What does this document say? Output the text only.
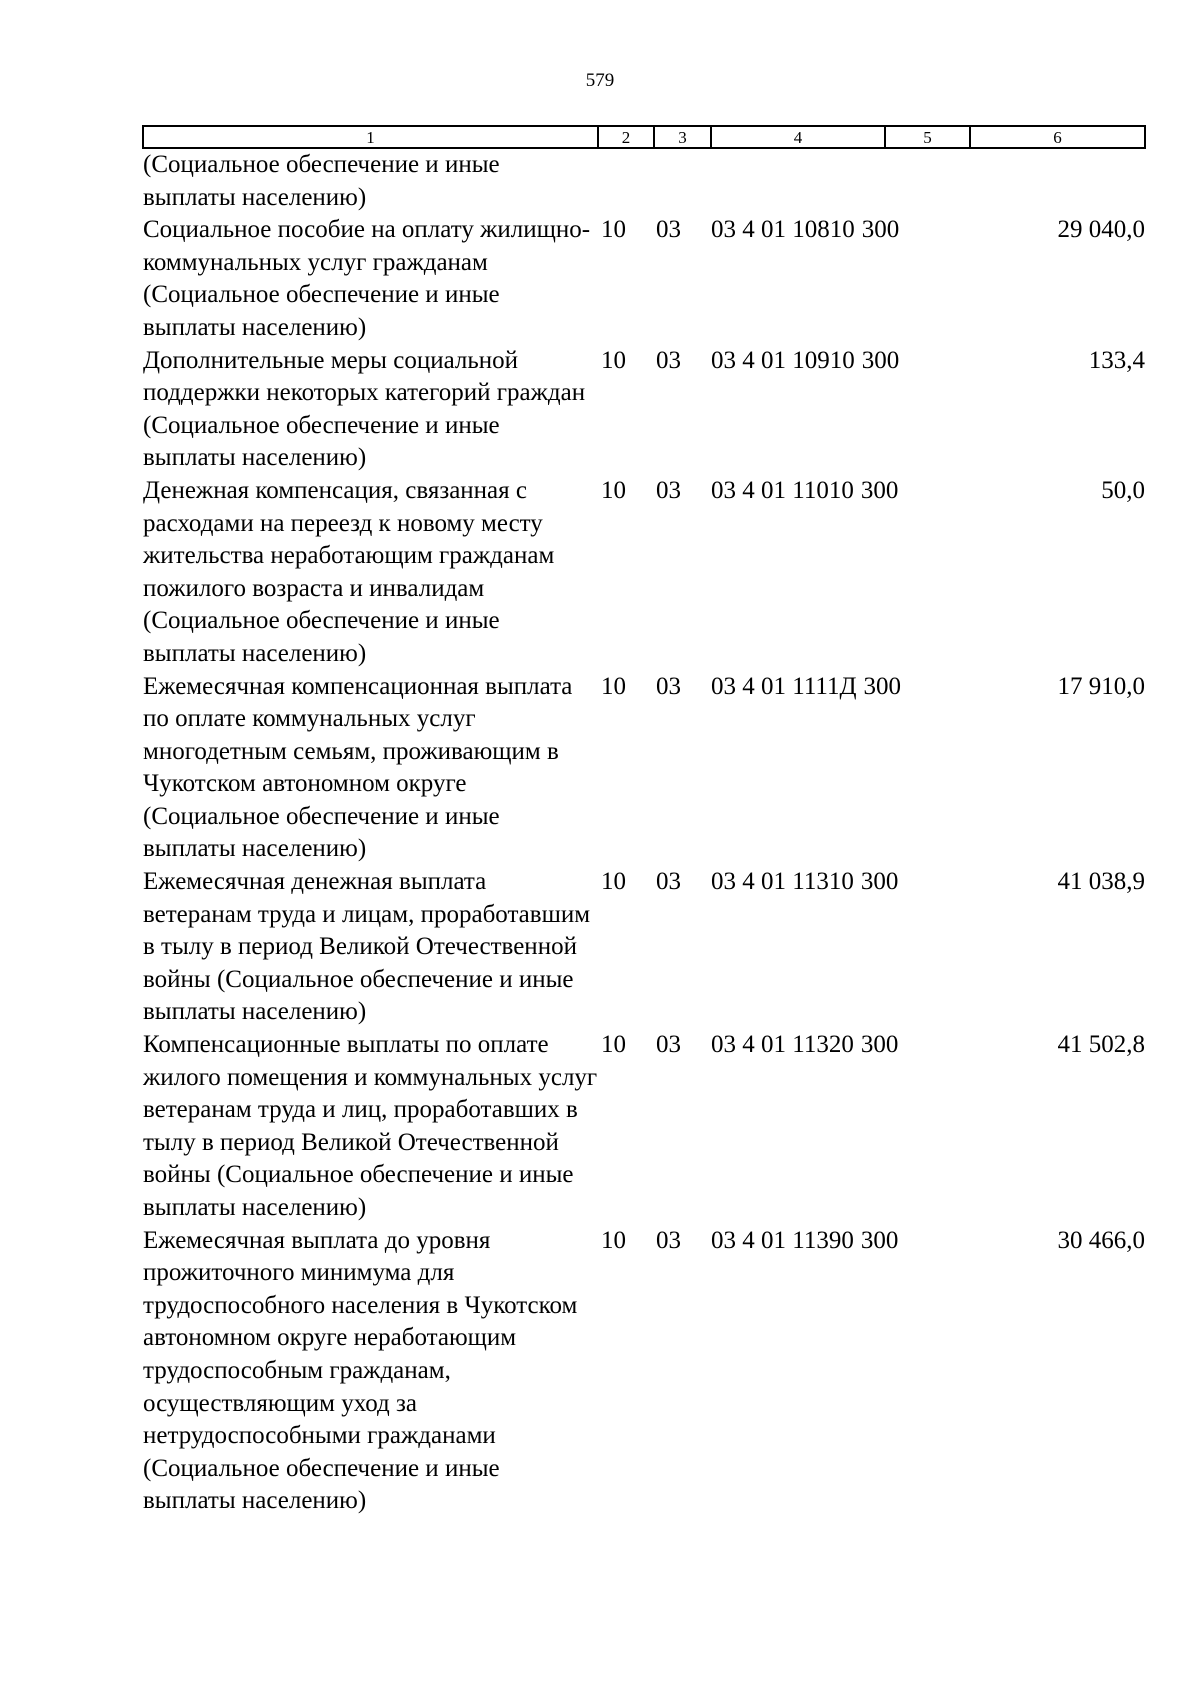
579
1	2	3	4	5	6
(Социальное обеспечение и иные выплаты населению)					
Социальное пособие на оплату жилищно-коммунальных услуг гражданам (Социальное обеспечение и иные выплаты населению)	10	03	03 4 01 10810 300		29 040,0
Дополнительные меры социальной поддержки некоторых категорий граждан (Социальное обеспечение и иные выплаты населению)	10	03	03 4 01 10910 300		133,4
Денежная компенсация, связанная с расходами на переезд к новому месту жительства неработающим гражданам пожилого возраста и инвалидам (Социальное обеспечение и иные выплаты населению)	10	03	03 4 01 11010 300		50,0
Ежемесячная компенсационная выплата по оплате коммунальных услуг многодетным семьям, проживающим в Чукотском автономном округе (Социальное обеспечение и иные выплаты населению)	10	03	03 4 01 1111Д 300		17 910,0
Ежемесячная денежная выплата ветеранам труда и лицам, проработавшим в тылу в период Великой Отечественной войны (Социальное обеспечение и иные выплаты населению)	10	03	03 4 01 11310 300		41 038,9
Компенсационные выплаты по оплате жилого помещения и коммунальных услуг ветеранам труда и лиц, проработавших в тылу в период Великой Отечественной войны (Социальное обеспечение и иные выплаты населению)	10	03	03 4 01 11320 300		41 502,8
Ежемесячная выплата до уровня прожиточного минимума для трудоспособного населения в Чукотском автономном округе неработающим трудоспособным гражданам, осуществляющим уход за нетрудоспособными гражданами (Социальное обеспечение и иные выплаты населению)	10	03	03 4 01 11390 300		30 466,0
